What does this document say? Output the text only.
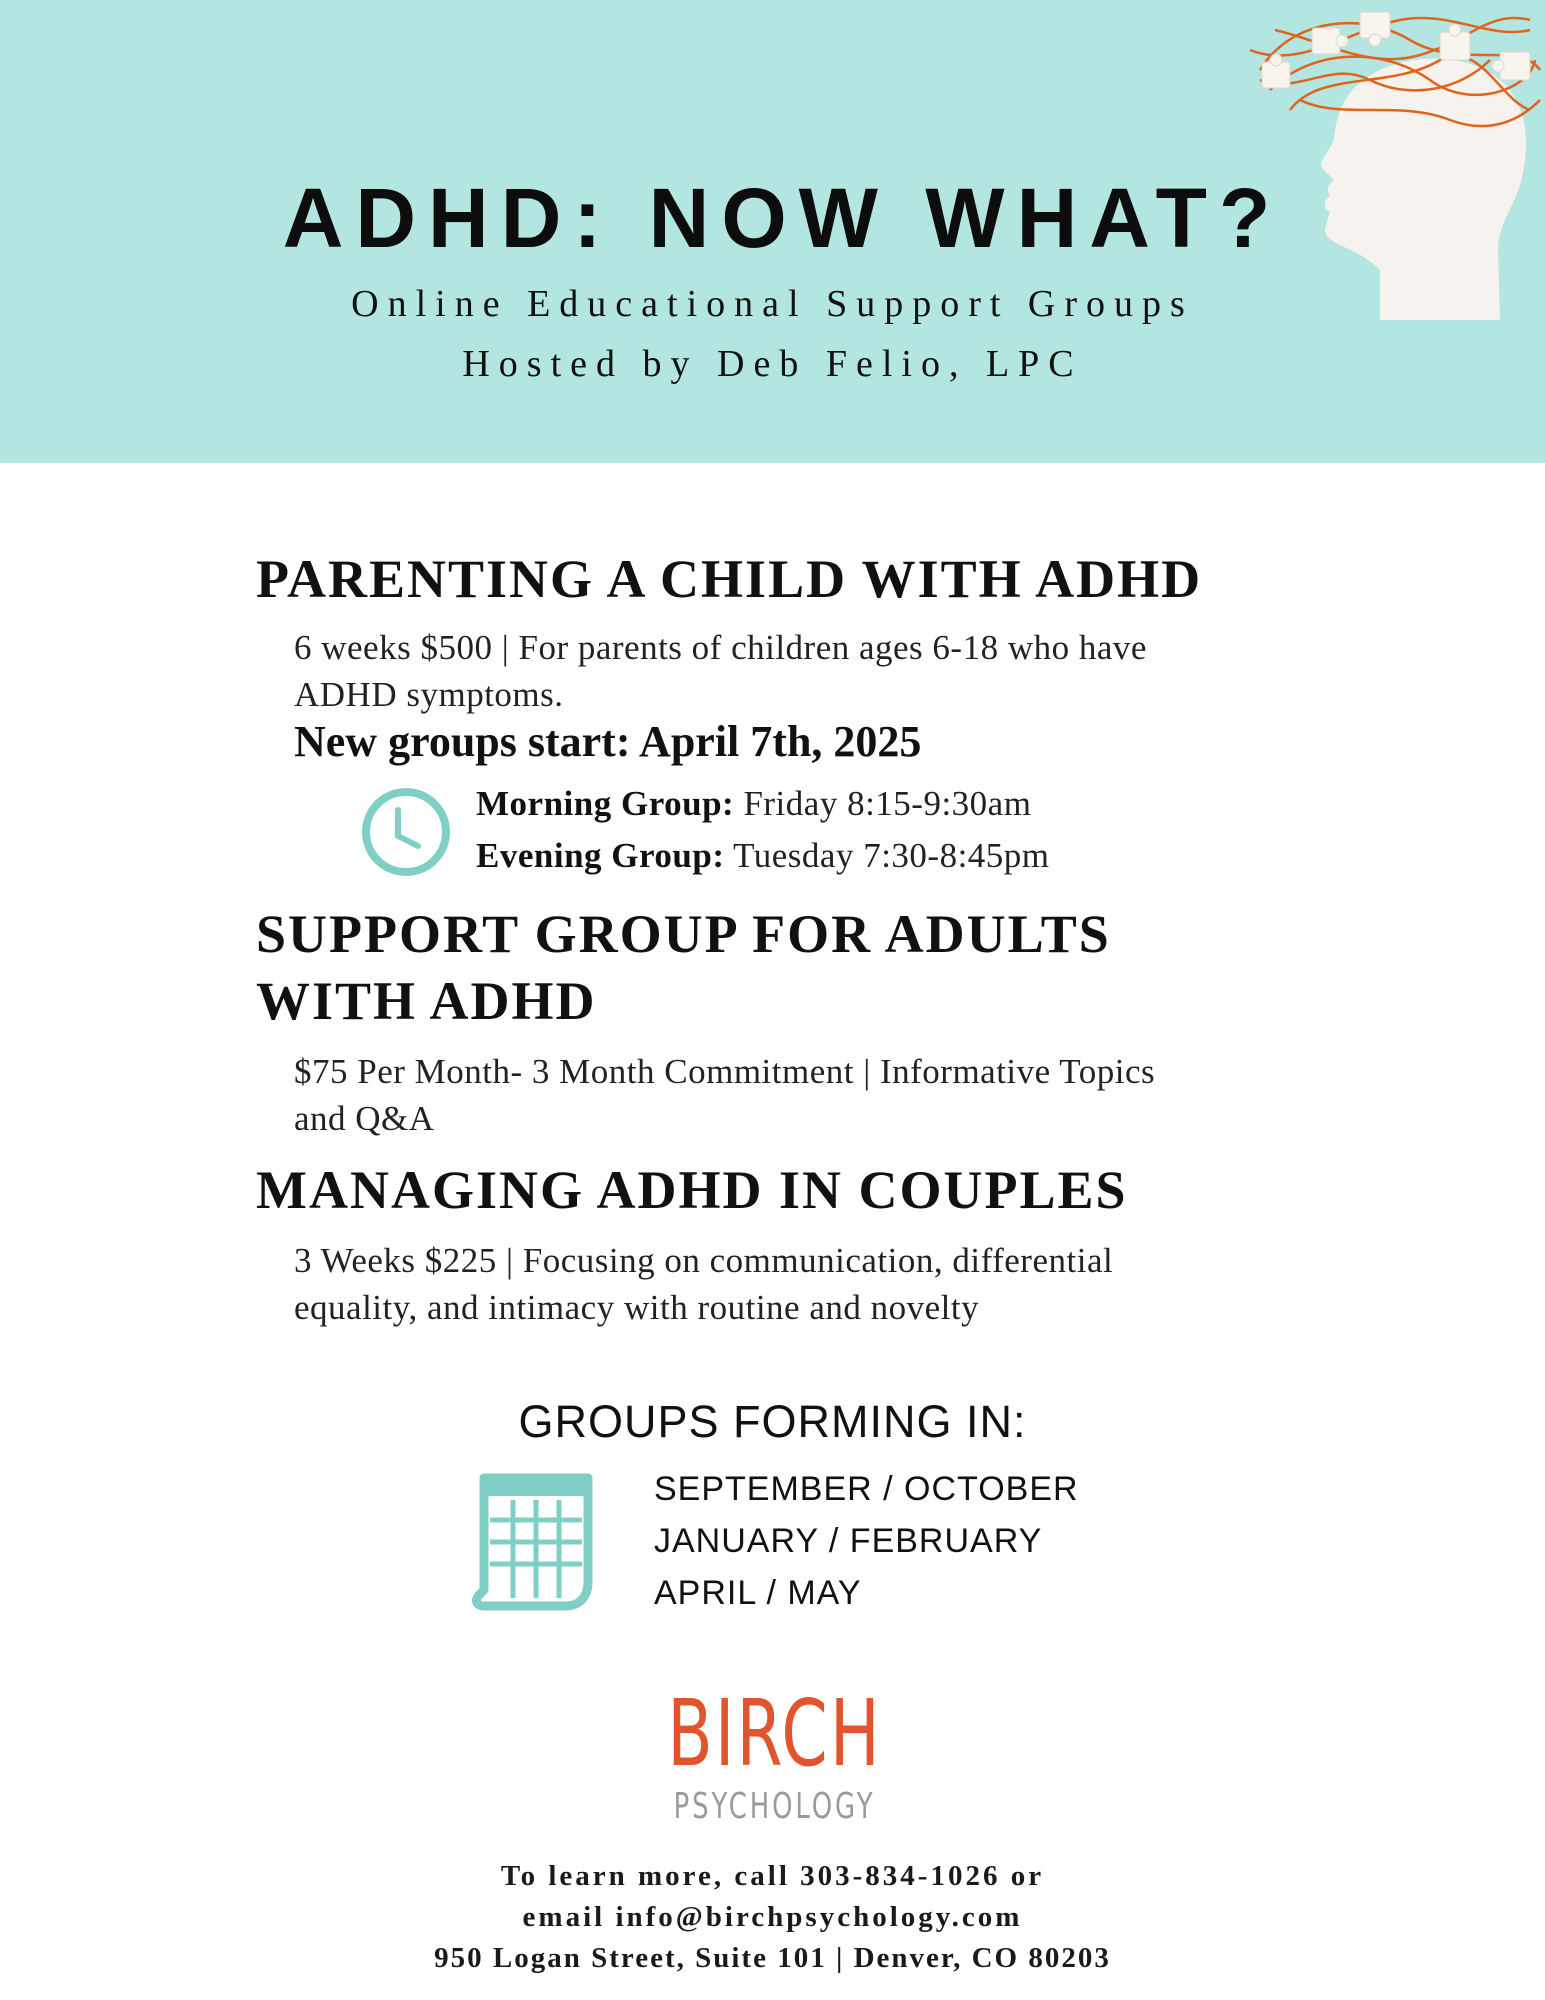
ADHD: NOW WHAT?
Online Educational Support Groups
Hosted by Deb Felio, LPC
PARENTING A CHILD WITH ADHD
6 weeks $500 | For parents of children ages 6-18 who have
ADHD symptoms.
New groups start: April 7th, 2025
Morning Group: Friday 8:15-9:30am
Evening Group: Tuesday 7:30-8:45pm
SUPPORT GROUP FOR ADULTS
WITH ADHD
$75 Per Month- 3 Month Commitment | Informative Topics
and Q&A
MANAGING ADHD IN COUPLES
3 Weeks $225 | Focusing on communication, differential
equality, and intimacy with routine and novelty
GROUPS FORMING IN:
SEPTEMBER / OCTOBER
JANUARY / FEBRUARY
APRIL / MAY
BIRCH
PSYCHOLOGY
To learn more, call 303-834-1026 or
email info@birchpsychology.com
950 Logan Street, Suite 101 | Denver, CO 80203
